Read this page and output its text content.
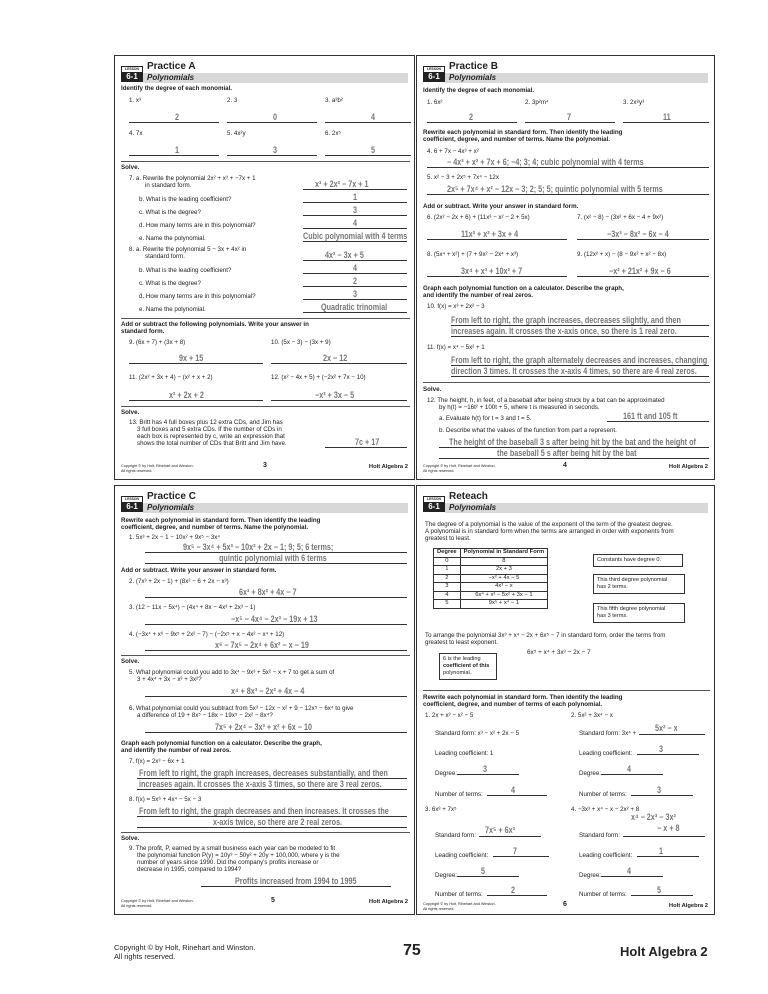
LESSON
6-1
Practice A
Polynomials
Identify the degree of each monomial.
1. x³	2. 3	3. a²b²
2	0	4
4. 7x	5. 4x²y	6. 2x⁵
1	3	5
Solve.
7. a. Rewrite the polynomial 2x² + x³ + −7x + 1
in standard form.	x³ + 2x² − 7x + 1
b. What is the leading coefficient?	1
c. What is the degree?	3
d. How many terms are in this polynomial?	4
e. Name the polynomial.	Cubic polynomial with 4 terms
8. a. Rewrite the polynomial 5 − 3x + 4x² in
standard form.	4x² − 3x + 5
b. What is the leading coefficient?	4
c. What is the degree?	2
d. How many terms are in this polynomial?	3
e. Name the polynomial.	Quadratic trinomial
Add or subtract the following polynomials. Write your answer in
standard form.
9. (6x + 7) + (3x + 8)	10. (5x − 3) − (3x + 9)
9x + 15	2x − 12
11. (2x² + 3x + 4) − (x² + x + 2)	12. (x² − 4x + 5) + (−2x² + 7x − 10)
x² + 2x + 2	−x² + 3x − 5
Solve.
13. Britt has 4 full boxes plus 12 extra CDs, and Jim has
3 full boxes and 5 extra CDs. If the number of CDs in
each box is represented by c, write an expression that
shows the total number of CDs that Britt and Jim have.	7c + 17
Copyright © by Holt, Rinehart and Winston.
All rights reserved.
3	Holt Algebra 2
LESSON
6-1
Practice B
Polynomials
Identify the degree of each monomial.
1. 6x²	2. 3p²m⁴	3. 2x⁸y³
2	7	11
Rewrite each polynomial in standard form. Then identify the leading
coefficient, degree, and number of terms. Name the polynomial.
4. 6 + 7x − 4x³ + x²
− 4x³ + x² + 7x + 6; −4; 3; 4; cubic polynomial with 4 terms
5. x² − 3 + 2x⁵ + 7x⁴ − 12x
2x⁵ + 7x⁴ + x² − 12x − 3; 2; 5; 5; quintic polynomial with 5 terms
Add or subtract. Write your answer in standard form.
6. (2x² − 2x + 6) + (11x³ − x² − 2 + 5x)	7. (x² − 8) − (3x² + 6x − 4 + 9x²)
11x³ + x² + 3x + 4	−3x³ − 8x² − 6x − 4
8. (5x⁴ + x²) + (7 + 9x² − 2x⁴ + x³)	9. (12x² + x) − (8 − 9x² + x² − 8x)
3x⁴ + x³ + 10x² + 7	−x² + 21x² + 9x − 6
Graph each polynomial function on a calculator. Describe the graph,
and identify the number of real zeros.
10. f(x) = x³ + 2x² − 3
From left to right, the graph increases, decreases slightly, and then
increases again. It crosses the x-axis once, so there is 1 real zero.
11. f(x) = x⁴ − 5x² + 1
From left to right, the graph alternately decreases and increases, changing
direction 3 times. It crosses the x-axis 4 times, so there are 4 real zeros.
Solve.
12. The height, h, in feet, of a baseball after being struck by a bat can be approximated
by h(t) = −16t² + 100t + 5, where t is measured in seconds.
a. Evaluate h(t) for t = 3 and t = 5.	161 ft and 105 ft
b. Describe what the values of the function from part a represent.
The height of the baseball 3 s after being hit by the bat and the height of
the baseball 5 s after being hit by the bat
Copyright © by Holt, Rinehart and Winston.
All rights reserved.
4	Holt Algebra 2
LESSON
6-1
Practice C
Polynomials
Rewrite each polynomial in standard form. Then identify the leading
coefficient, degree, and number of terms. Name the polynomial.
1. 5x³ + 2x − 1 − 10x² + 9x⁵ − 3x⁴
9x⁵ − 3x⁴ + 5x³ − 10x² + 2x − 1; 9; 5; 6 terms;
quintic polynomial with 6 terms
Add or subtract. Write your answer in standard form.
2. (7x³ + 2x − 1) + (8x² − 6 + 2x − x³)
6x³ + 8x² + 4x − 7
3. (12 − 11x − 5x⁴) − (4x⁴ + 8x − 4x³ + 2x³ − 1)
−x⁵ − 4x⁴ − 2x³ − 19x + 13
4. (−3x⁴ + x⁶ − 9x⁵ + 2x² − 7) − (−2x⁵ + x − 4x² − x⁴ + 12)
x⁶ − 7x⁵ − 2x⁴ + 6x² − x − 19
Solve.
5. What polynomial could you add to 3x⁴ − 9x³ + 5x² − x + 7 to get a sum of
3 + 4x⁴ + 3x − x³ + 3x²?
x⁴ + 8x³ − 2x² + 4x − 4
6. What polynomial could you subtract from 5x³ − 12x − x² + 9 − 12x⁵ − 6x⁴ to give
a difference of 19 + 8x⁵ − 18x − 19x⁵ − 2x² − 8x⁴?
7x⁵ + 2x⁴ − 3x³ + x² + 6x − 10
Graph each polynomial function on a calculator. Describe the graph,
and identify the number of real zeros.
7. f(x) = 2x³ − 6x + 1
From left to right, the graph increases, decreases substantially, and then
increases again. It crosses the x-axis 3 times, so there are 3 real zeros.
8. f(x) = 5x⁶ + 4x⁴ − 5x − 3
From left to right, the graph decreases and then increases. It crosses the
x-axis twice, so there are 2 real zeros.
Solve.
9. The profit, P, earned by a small business each year can be modeled to fit
the polynomial function P(y) = 10y³ − 50y² + 20y + 100,000, where y is the
number of years since 1990. Did the company's profits increase or
decrease in 1995, compared to 1994?
Profits increased from 1994 to 1995
Copyright © by Holt, Rinehart and Winston.
All rights reserved.
5	Holt Algebra 2
LESSON
6-1
Reteach
Polynomials
The degree of a polynomial is the value of the exponent of the term of the greatest degree.
A polynomial is in standard form when the terms are arranged in order with exponents from
greatest to least.
Degree	Polynomial in Standard Form
0	8
1	2x + 3
2	−x² + 4x − 5
3	4x³ − x
4	6x⁴ + x³ − 5x² + 3x − 1
5	9x⁵ + x⁴ − 1
Constants have degree 0.
This third degree polynomial
has 2 terms.
This fifth degree polynomial
has 3 terms.
To arrange the polynomial 3x³ + x⁴ − 2x + 6x⁵ − 7 in standard form, order the terms from
greatest to least exponent.
6x⁵ + x⁴ + 3x³ − 2x − 7
6 is the leading
coefficient of this
polynomial.
Rewrite each polynomial in standard form. Then identify the leading
coefficient, degree, and number of terms of each polynomial.
1. 2x + x³ − x² − 5	2. 5x² + 3x⁴ − x
Standard form: x³ − x² + 2x − 5	Standard form: 3x⁴ +
5x² − x
Leading coefficient: 1	Leading coefficient:	3
Degree:	3	Degree:	4
Number of terms:	4	Number of terms:	3
3. 6x³ + 7x⁵	4. −3x³ + x⁴ − x − 2x² + 8
Standard form:
7x⁵ + 6x³
Standard form:
x⁴ − 2x³ − 3x²
− x + 8
Leading coefficient:	7	Leading coefficient:	1
Degree:	5	Degree:	4
Number of terms:	2	Number of terms:	5
Copyright © by Holt, Rinehart and Winston.
All rights reserved.
6	Holt Algebra 2
Copyright © by Holt, Rinehart and Winston.
All rights reserved.	75	Holt Algebra 2
